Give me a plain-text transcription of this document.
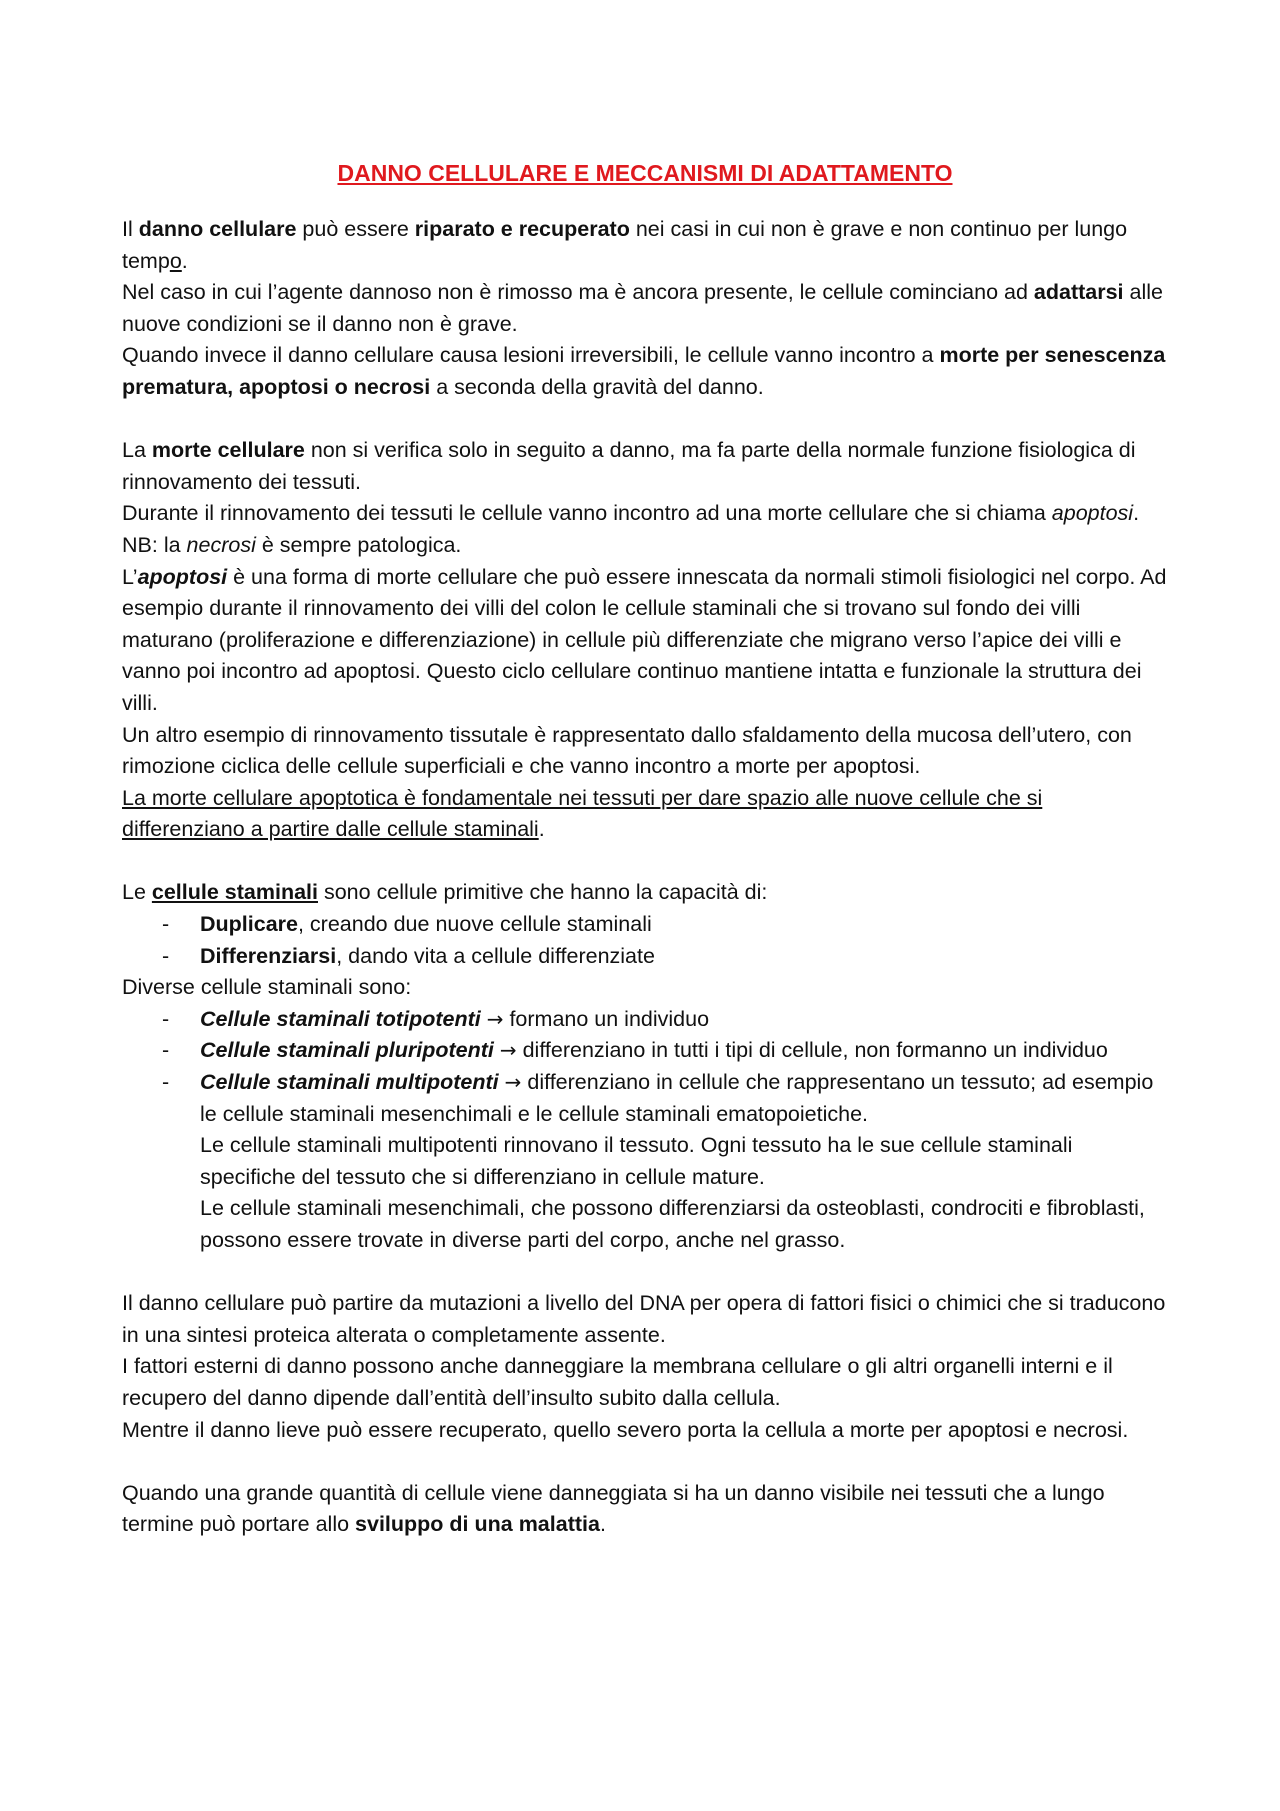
DANNO CELLULARE E MECCANISMI DI ADATTAMENTO

Il danno cellulare può essere riparato e recuperato nei casi in cui non è grave e non continuo per lungo tempo.

Nel caso in cui l’agente dannoso non è rimosso ma è ancora presente, le cellule cominciano ad adattarsi alle nuove condizioni se il danno non è grave.

Quando invece il danno cellulare causa lesioni irreversibili, le cellule vanno incontro a morte per senescenza prematura, apoptosi o necrosi a seconda della gravità del danno.

La morte cellulare non si verifica solo in seguito a danno, ma fa parte della normale funzione fisiologica di rinnovamento dei tessuti.

Durante il rinnovamento dei tessuti le cellule vanno incontro ad una morte cellulare che si chiama apoptosi. NB: la necrosi è sempre patologica.

L’apoptosi è una forma di morte cellulare che può essere innescata da normali stimoli fisiologici nel corpo. Ad esempio durante il rinnovamento dei villi del colon le cellule staminali che si trovano sul fondo dei villi maturano (proliferazione e differenziazione) in cellule più differenziate che migrano verso l’apice dei villi e vanno poi incontro ad apoptosi. Questo ciclo cellulare continuo mantiene intatta e funzionale la struttura dei villi.

Un altro esempio di rinnovamento tissutale è rappresentato dallo sfaldamento della mucosa dell’utero, con rimozione ciclica delle cellule superficiali e che vanno incontro a morte per apoptosi.

La morte cellulare apoptotica è fondamentale nei tessuti per dare spazio alle nuove cellule che si differenziano a partire dalle cellule staminali.

Le cellule staminali sono cellule primitive che hanno la capacità di:

- Duplicare, creando due nuove cellule staminali
- Differenziarsi, dando vita a cellule differenziate

Diverse cellule staminali sono:

- Cellule staminali totipotenti → formano un individuo
- Cellule staminali pluripotenti → differenziano in tutti i tipi di cellule, non formanno un individuo
- Cellule staminali multipotenti → differenziano in cellule che rappresentano un tessuto; ad esempio le cellule staminali mesenchimali e le cellule staminali ematopoietiche.
Le cellule staminali multipotenti rinnovano il tessuto. Ogni tessuto ha le sue cellule staminali specifiche del tessuto che si differenziano in cellule mature.
Le cellule staminali mesenchimali, che possono differenziarsi da osteoblasti, condrociti e fibroblasti, possono essere trovate in diverse parti del corpo, anche nel grasso.

Il danno cellulare può partire da mutazioni a livello del DNA per opera di fattori fisici o chimici che si traducono in una sintesi proteica alterata o completamente assente.

I fattori esterni di danno possono anche danneggiare la membrana cellulare o gli altri organelli interni e il recupero del danno dipende dall’entità dell’insulto subito dalla cellula.

Mentre il danno lieve può essere recuperato, quello severo porta la cellula a morte per apoptosi e necrosi.

Quando una grande quantità di cellule viene danneggiata si ha un danno visibile nei tessuti che a lungo termine può portare allo sviluppo di una malattia.
